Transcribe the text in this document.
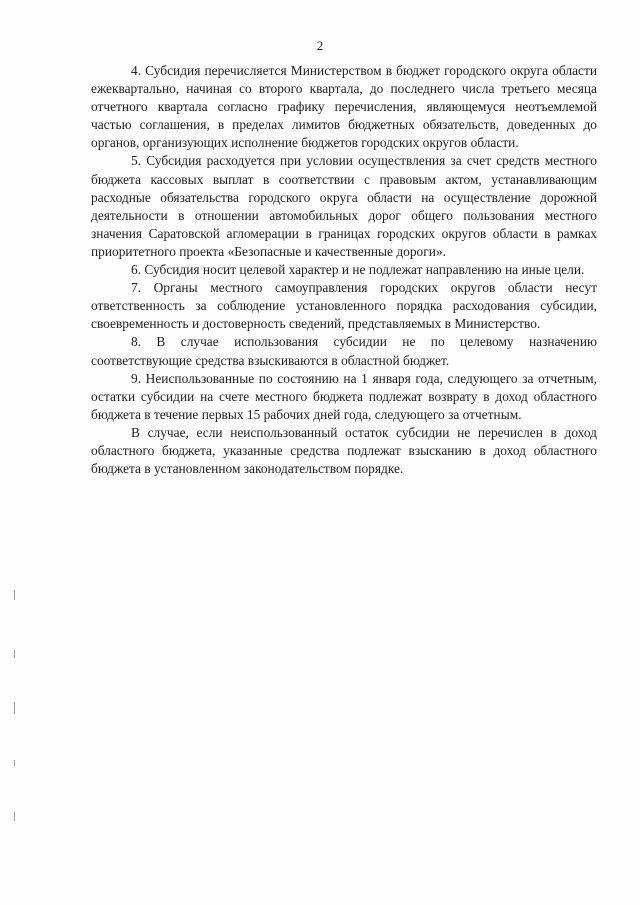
2

4. Субсидия перечисляется Министерством в бюджет городского округа области ежеквартально, начиная со второго квартала, до последнего числа третьего месяца отчетного квартала согласно графику перечисления, являющемуся неотъемлемой частью соглашения, в пределах лимитов бюджетных обязательств, доведенных до органов, организующих исполнение бюджетов городских округов области.

5. Субсидия расходуется при условии осуществления за счет средств местного бюджета кассовых выплат в соответствии с правовым актом, устанавливающим расходные обязательства городского округа области на осуществление дорожной деятельности в отношении автомобильных дорог общего пользования местного значения Саратовской агломерации в границах городских округов области в рамках приоритетного проекта «Безопасные и качественные дороги».

6. Субсидия носит целевой характер и не подлежат направлению на иные цели.

7. Органы местного самоуправления городских округов области несут ответственность за соблюдение установленного порядка расходования субсидии, своевременность и достоверность сведений, представляемых в Министерство.

8. В случае использования субсидии не по целевому назначению соответствующие средства взыскиваются в областной бюджет.

9. Неиспользованные по состоянию на 1 января года, следующего за отчетным, остатки субсидии на счете местного бюджета подлежат возврату в доход областного бюджета в течение первых 15 рабочих дней года, следующего за отчетным.

В случае, если неиспользованный остаток субсидии не перечислен в доход областного бюджета, указанные средства подлежат взысканию в доход областного бюджета в установленном законодательством порядке.
